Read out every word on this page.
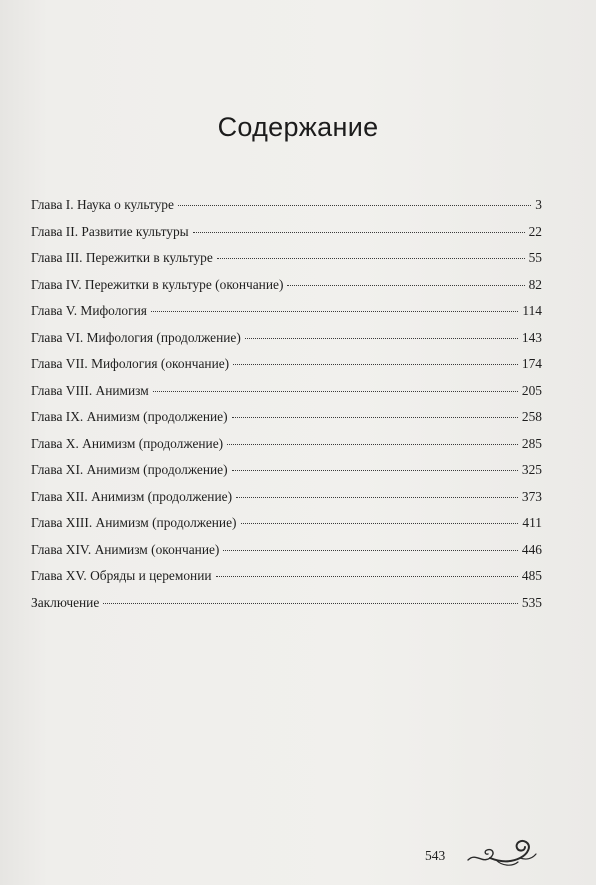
Содержание
Глава I. Наука о культуре	3
Глава II. Развитие культуры	22
Глава III. Пережитки в культуре	55
Глава IV. Пережитки в культуре (окончание)	82
Глава V. Мифология	114
Глава VI. Мифология (продолжение)	143
Глава VII. Мифология (окончание)	174
Глава VIII. Анимизм	205
Глава IX. Анимизм (продолжение)	258
Глава X. Анимизм (продолжение)	285
Глава XI. Анимизм (продолжение)	325
Глава XII. Анимизм (продолжение)	373
Глава XIII. Анимизм (продолжение)	411
Глава XIV. Анимизм (окончание)	446
Глава XV. Обряды и церемонии	485
Заключение	535
543
